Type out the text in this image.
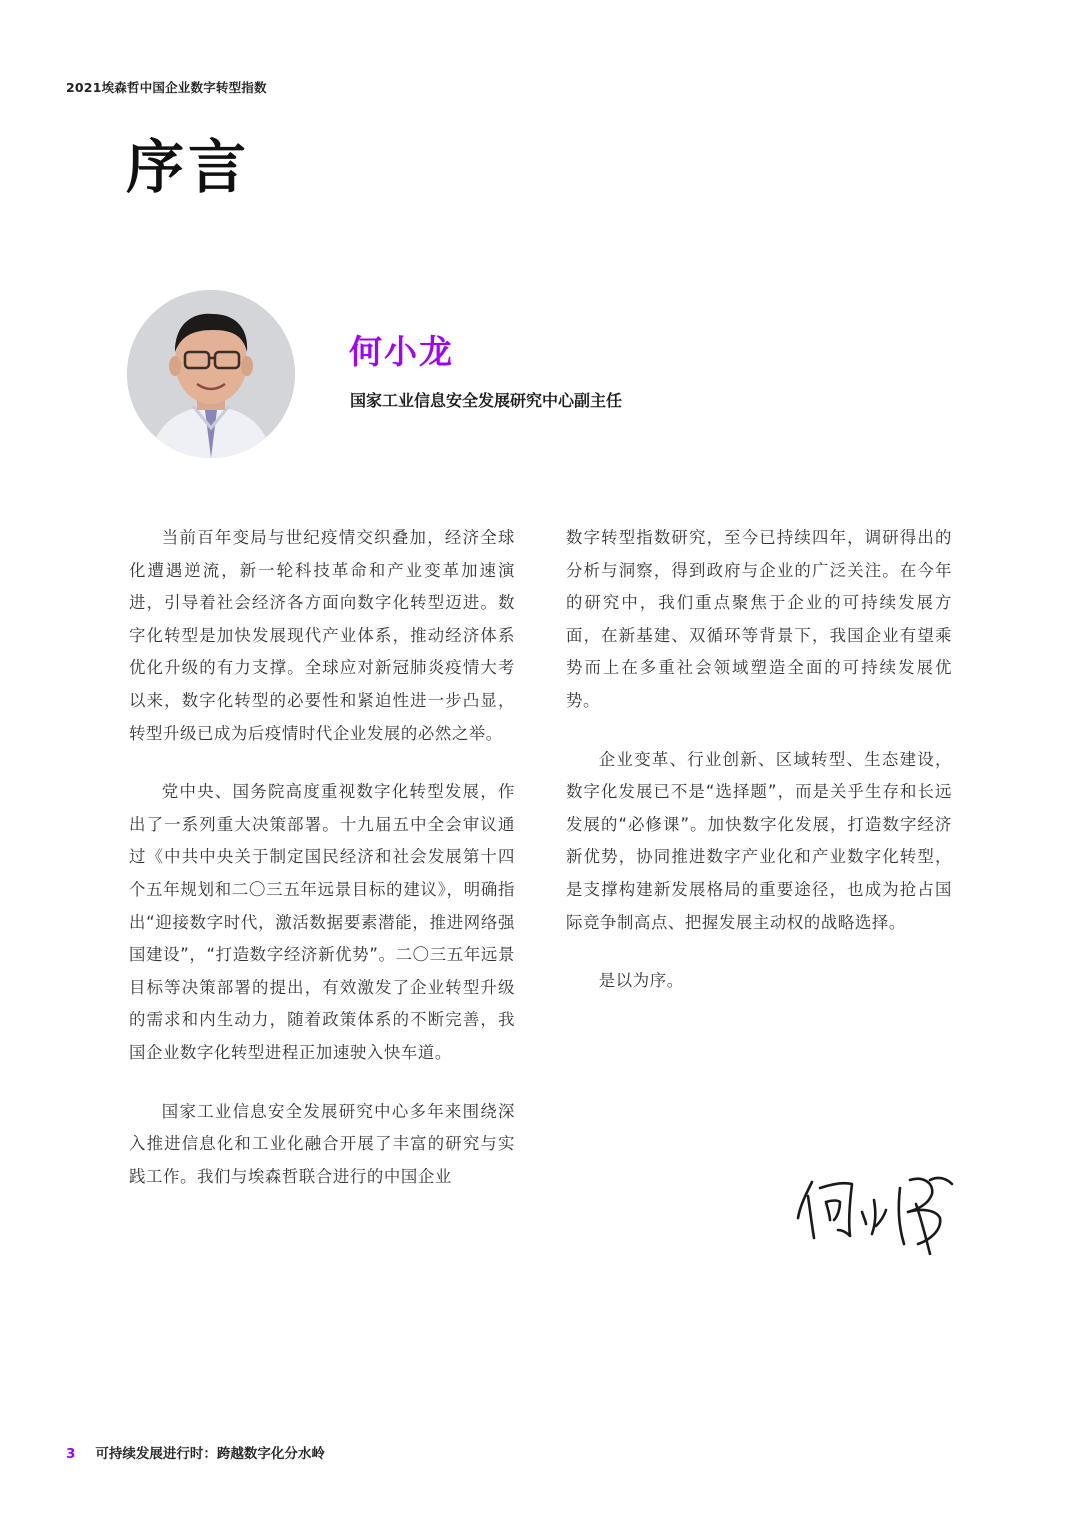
2021埃森哲中国企业数字转型指数
序言
何小龙
国家工业信息安全发展研究中心副主任

当前百年变局与世纪疫情交织叠加，经济全球化遭遇逆流，新一轮科技革命和产业变革加速演进，引导着社会经济各方面向数字化转型迈进。数字化转型是加快发展现代产业体系，推动经济体系优化升级的有力支撑。全球应对新冠肺炎疫情大考以来，数字化转型的必要性和紧迫性进一步凸显，转型升级已成为后疫情时代企业发展的必然之举。

党中央、国务院高度重视数字化转型发展，作出了一系列重大决策部署。十九届五中全会审议通过《中共中央关于制定国民经济和社会发展第十四个五年规划和二〇三五年远景目标的建议》，明确指出“迎接数字时代，激活数据要素潜能，推进网络强国建设”，“打造数字经济新优势”。二〇三五年远景目标等决策部署的提出，有效激发了企业转型升级的需求和内生动力，随着政策体系的不断完善，我国企业数字化转型进程正加速驶入快车道。

国家工业信息安全发展研究中心多年来围绕深入推进信息化和工业化融合开展了丰富的研究与实践工作。我们与埃森哲联合进行的中国企业

数字转型指数研究，至今已持续四年，调研得出的分析与洞察，得到政府与企业的广泛关注。在今年的研究中，我们重点聚焦于企业的可持续发展方面，在新基建、双循环等背景下，我国企业有望乘势而上在多重社会领域塑造全面的可持续发展优势。

企业变革、行业创新、区域转型、生态建设，数字化发展已不是“选择题”，而是关乎生存和长远发展的“必修课”。加快数字化发展，打造数字经济新优势，协同推进数字产业化和产业数字化转型，是支撑构建新发展格局的重要途径，也成为抢占国际竞争制高点、把握发展主动权的战略选择。

是以为序。

3 可持续发展进行时：跨越数字化分水岭
